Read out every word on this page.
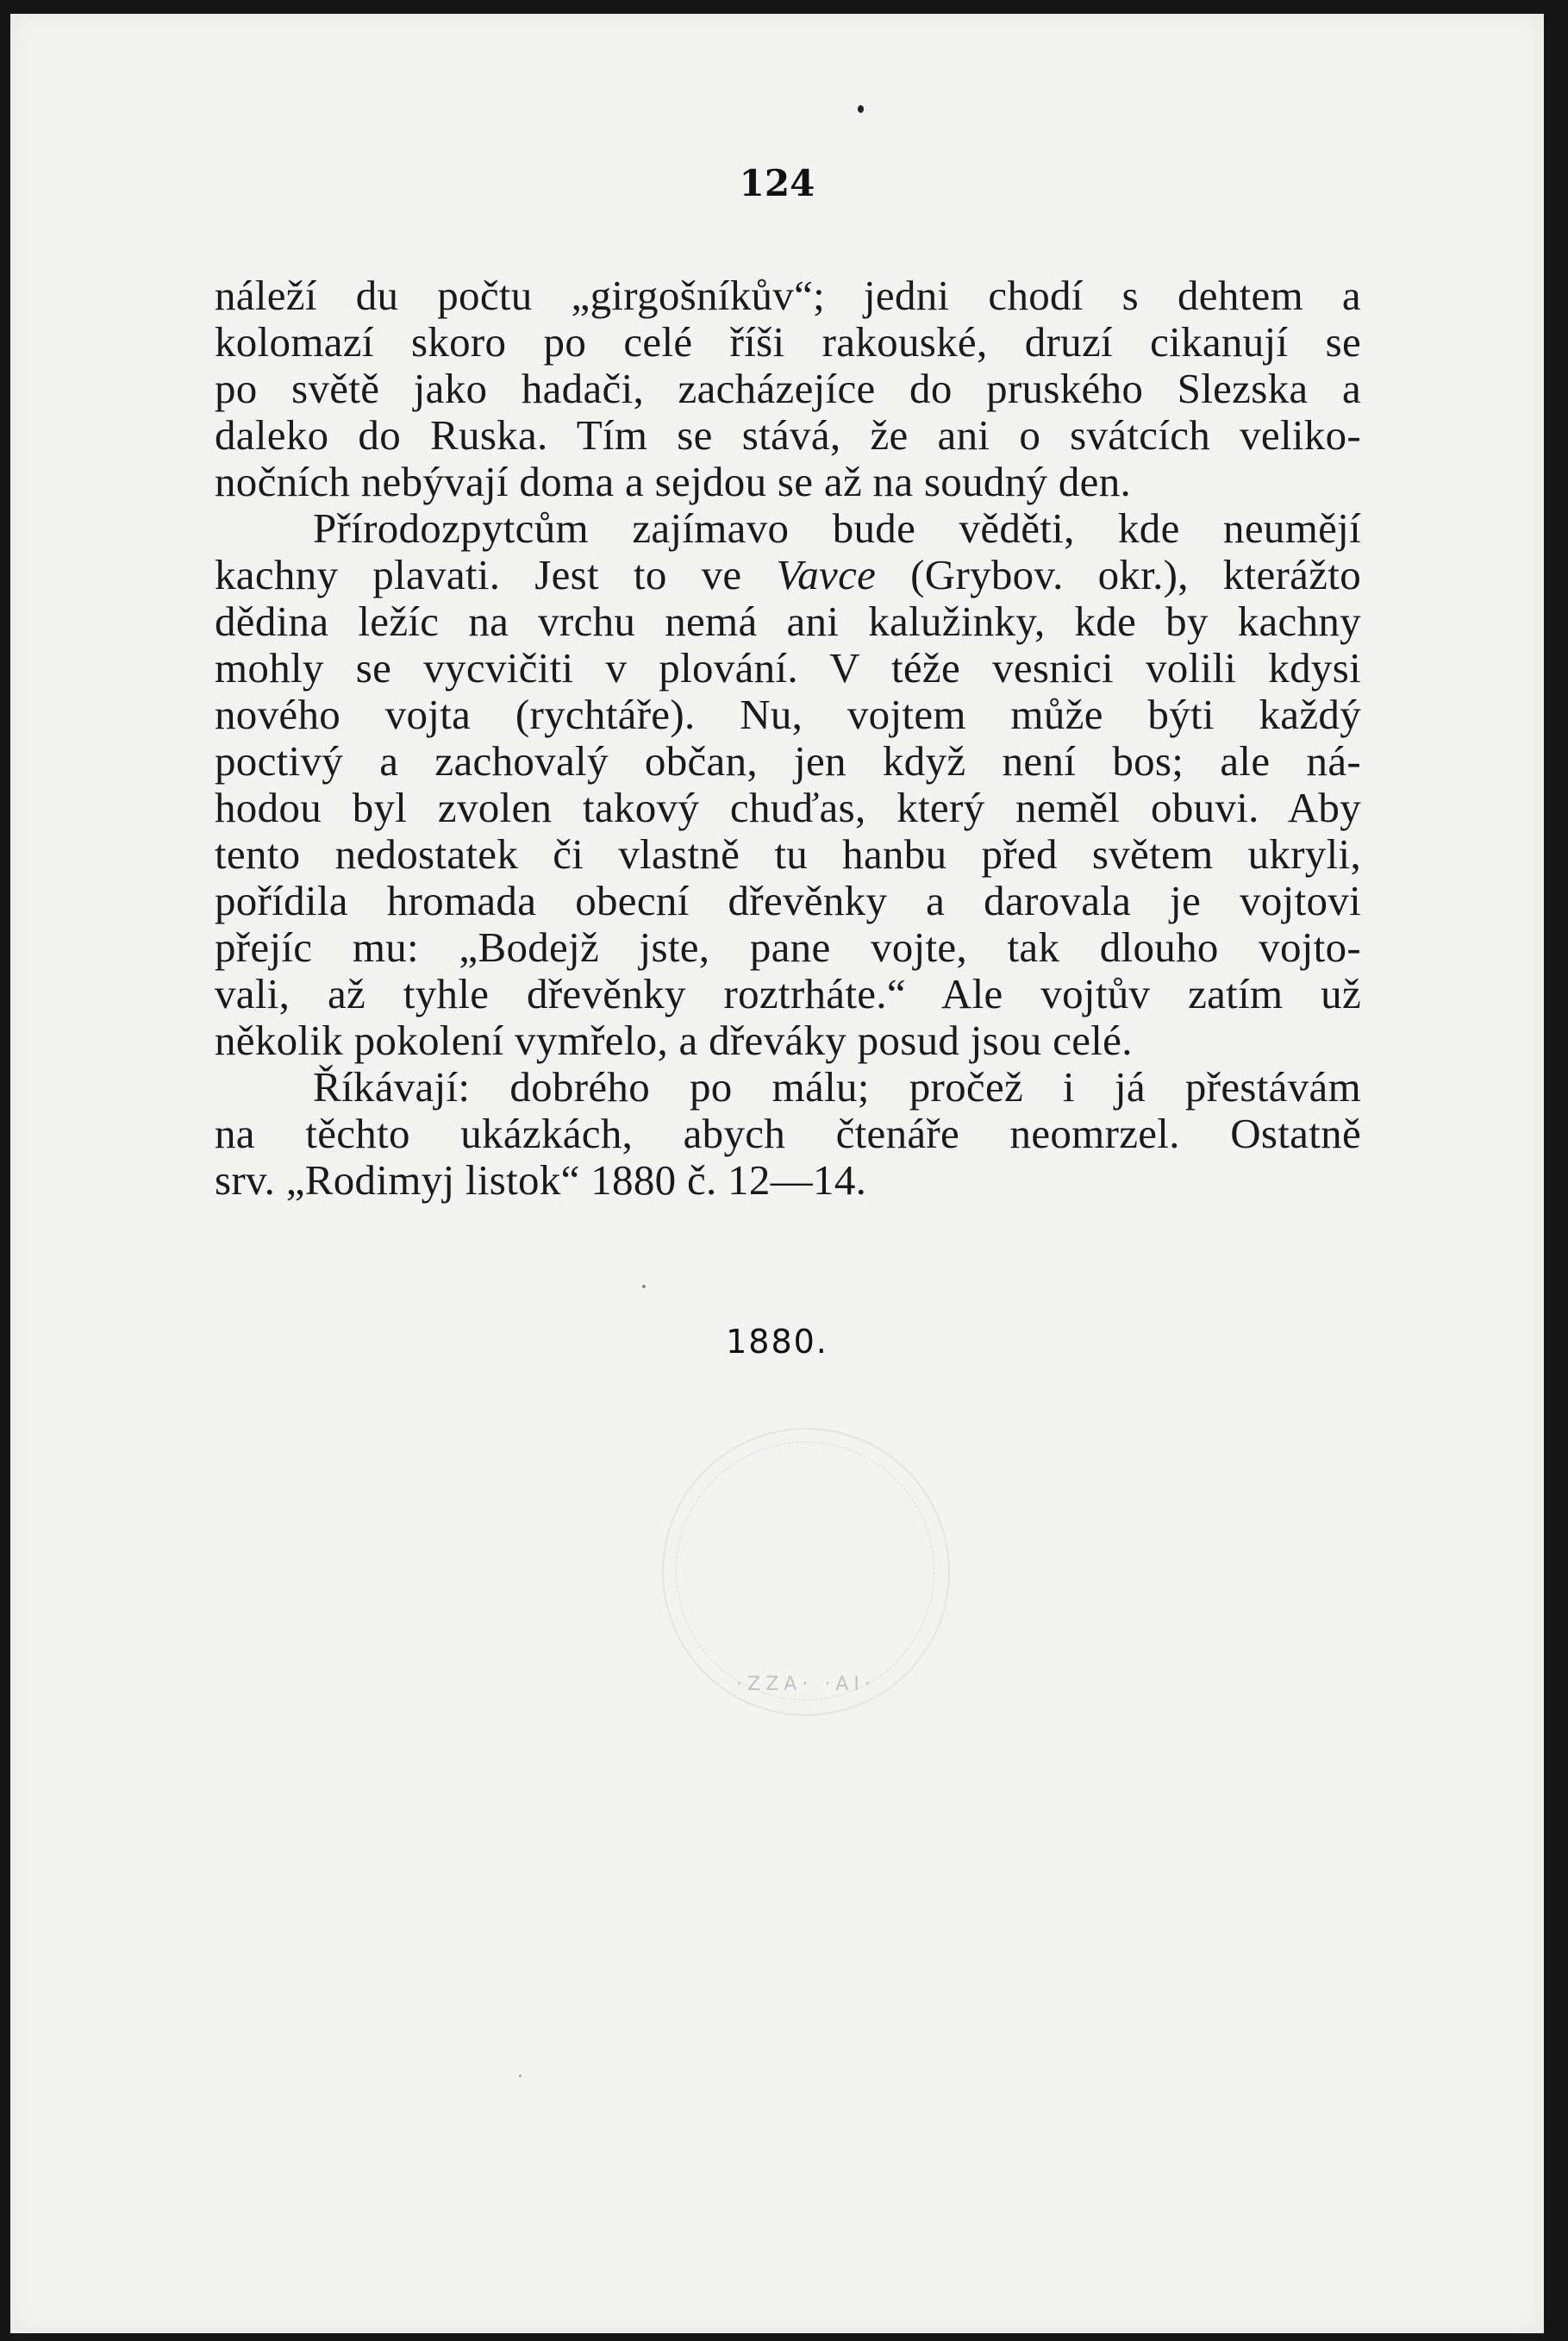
124
náleží du počtu „girgošníkův“; jedni chodí s dehtem a
kolomazí skoro po celé říši rakouské, druzí cikanují se
po světě jako hadači, zacházejíce do pruského Slezska a
daleko do Ruska. Tím se stává, že ani o svátcích veliko-
nočních nebývají doma a sejdou se až na soudný den.
Přírodozpytcům zajímavo bude věděti, kde neumějí
kachny plavati. Jest to ve Vavce (Grybov. okr.), kterážto
dědina ležíc na vrchu nemá ani kalužinky, kde by kachny
mohly se vycvičiti v plování. V téže vesnici volili kdysi
nového vojta (rychtáře). Nu, vojtem může býti každý
poctivý a zachovalý občan, jen když není bos; ale ná-
hodou byl zvolen takový chuďas, který neměl obuvi. Aby
tento nedostatek či vlastně tu hanbu před světem ukryli,
pořídila hromada obecní dřevěnky a darovala je vojtovi
přejíc mu: „Bodejž jste, pane vojte, tak dlouho vojto-
vali, až tyhle dřevěnky roztrháte.“ Ale vojtův zatím už
několik pokolení vymřelo, a dřeváky posud jsou celé.
Říkávají: dobrého po málu; pročež i já přestávám
na těchto ukázkách, abych čtenáře neomrzel. Ostatně
srv. „Rodimyj listok“ 1880 č. 12—14.
1880.
·ZZA· ·AI·
